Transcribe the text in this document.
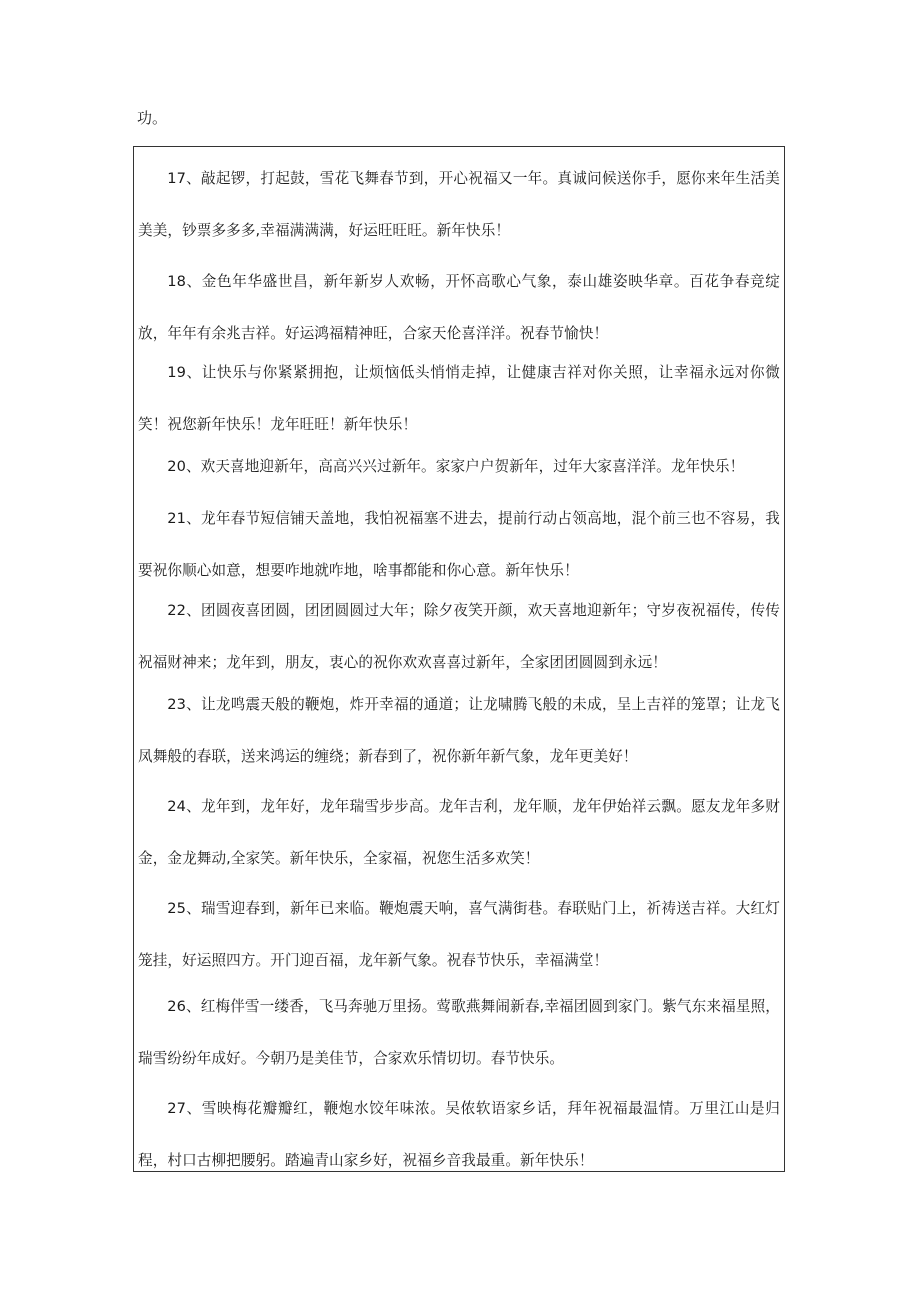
功。

17、敲起锣，打起鼓，雪花飞舞春节到，开心祝福又一年。真诚问候送你手，愿你来年生活美美美，钞票多多多,幸福满满满，好运旺旺旺。新年快乐！

18、金色年华盛世昌，新年新岁人欢畅，开怀高歌心气象，泰山雄姿映华章。百花争春竞绽放，年年有余兆吉祥。好运鸿福精神旺，合家天伦喜洋洋。祝春节愉快！

19、让快乐与你紧紧拥抱，让烦恼低头悄悄走掉，让健康吉祥对你关照，让幸福永远对你微笑！祝您新年快乐！龙年旺旺！新年快乐！

20、欢天喜地迎新年，高高兴兴过新年。家家户户贺新年，过年大家喜洋洋。龙年快乐！

21、龙年春节短信铺天盖地，我怕祝福塞不进去，提前行动占领高地，混个前三也不容易，我要祝你顺心如意，想要咋地就咋地，啥事都能和你心意。新年快乐！

22、团圆夜喜团圆，团团圆圆过大年；除夕夜笑开颜，欢天喜地迎新年；守岁夜祝福传，传传祝福财神来；龙年到，朋友，衷心的祝你欢欢喜喜过新年，全家团团圆圆到永远！

23、让龙鸣震天般的鞭炮，炸开幸福的通道；让龙啸腾飞般的未成，呈上吉祥的笼罩；让龙飞凤舞般的春联，送来鸿运的缠绕；新春到了，祝你新年新气象，龙年更美好！

24、龙年到，龙年好，龙年瑞雪步步高。龙年吉利，龙年顺，龙年伊始祥云飘。愿友龙年多财金，金龙舞动,全家笑。新年快乐，全家福，祝您生活多欢笑！

25、瑞雪迎春到，新年已来临。鞭炮震天响，喜气满街巷。春联贴门上，祈祷送吉祥。大红灯笼挂，好运照四方。开门迎百福，龙年新气象。祝春节快乐，幸福满堂！

26、红梅伴雪一缕香，飞马奔驰万里扬。莺歌燕舞闹新春,幸福团圆到家门。紫气东来福星照，瑞雪纷纷年成好。今朝乃是美佳节，合家欢乐情切切。春节快乐。

27、雪映梅花瓣瓣红，鞭炮水饺年味浓。吴侬软语家乡话，拜年祝福最温情。万里江山是归程，村口古柳把腰躬。踏遍青山家乡好，祝福乡音我最重。新年快乐！
